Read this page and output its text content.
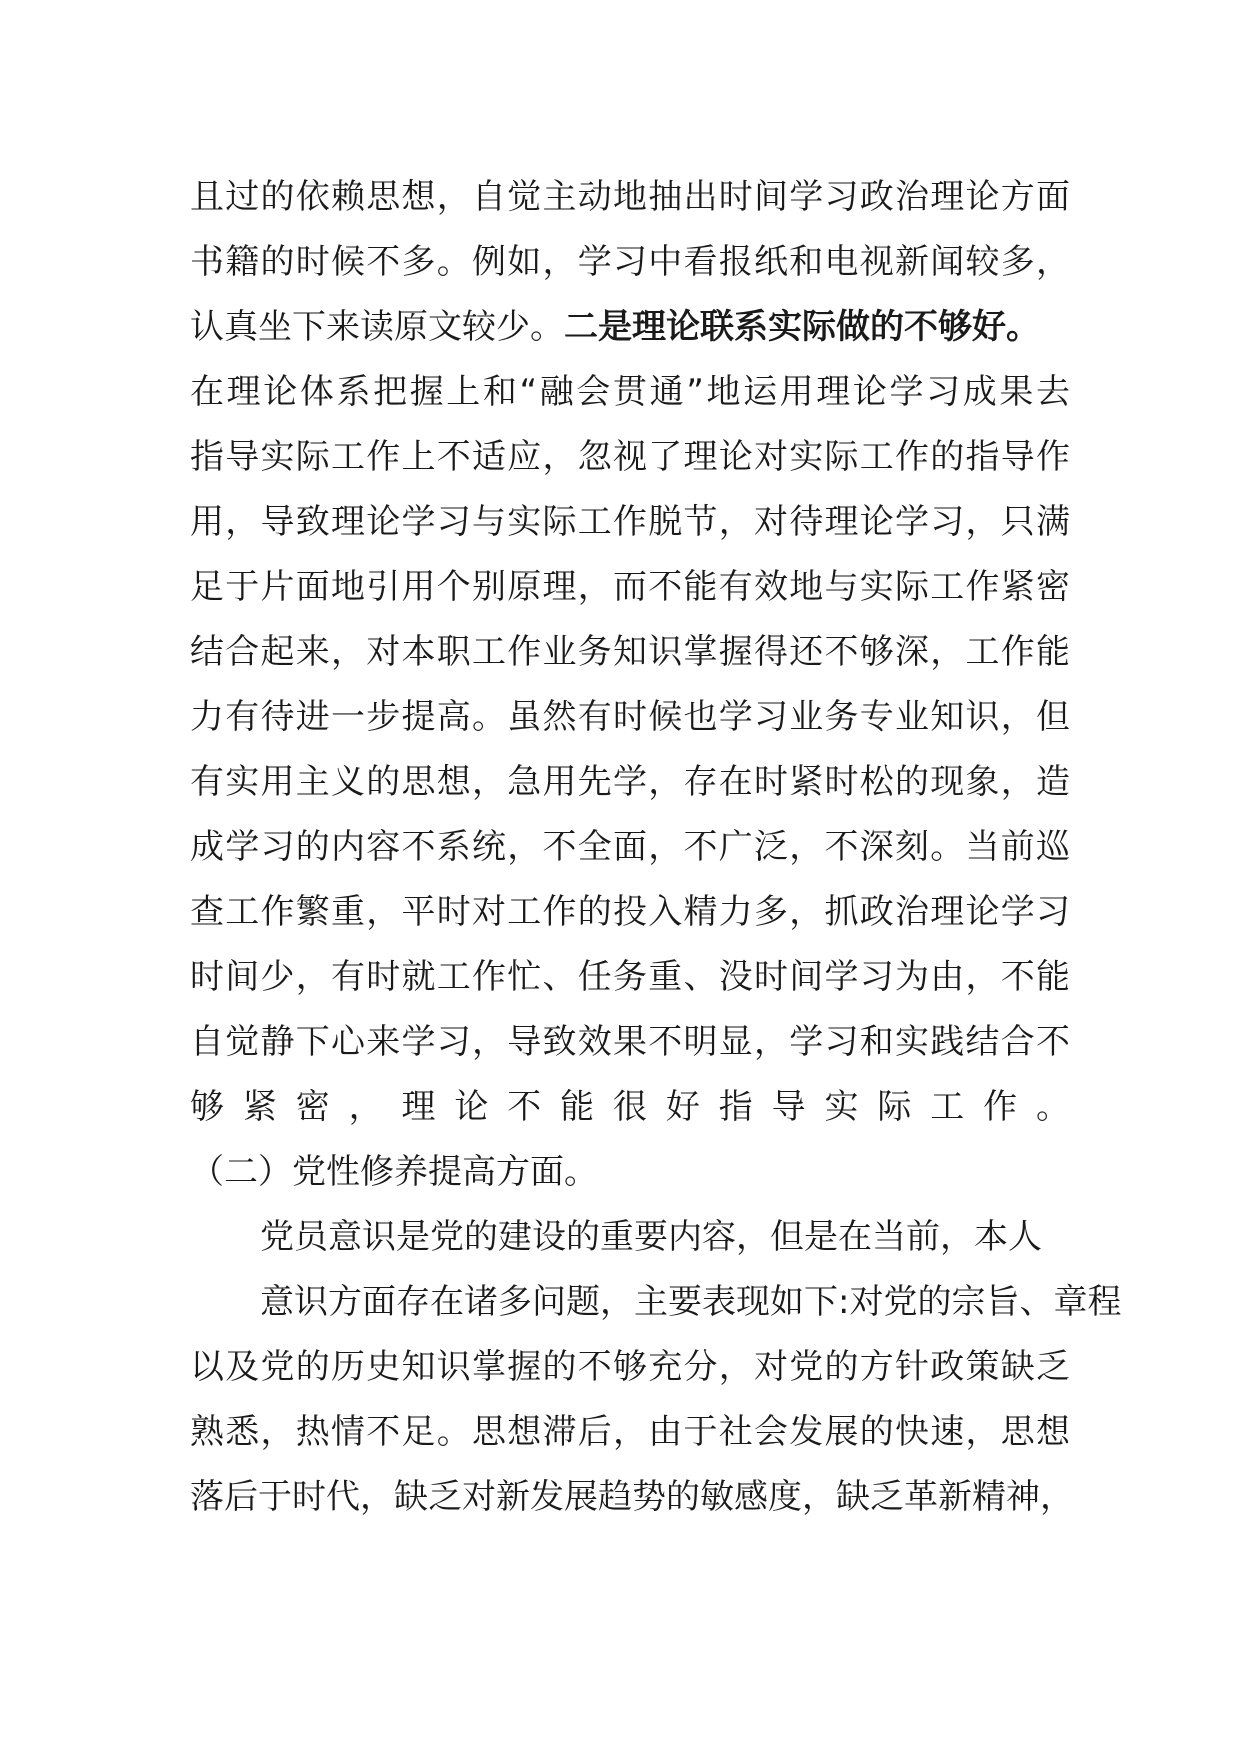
且过的依赖思想，自觉主动地抽出时间学习政治理论方面
书籍的时候不多。例如，学习中看报纸和电视新闻较多，
认真坐下来读原文较少。二是理论联系实际做的不够好。
在理论体系把握上和“融会贯通”地运用理论学习成果去
指导实际工作上不适应，忽视了理论对实际工作的指导作
用，导致理论学习与实际工作脱节，对待理论学习，只满
足于片面地引用个别原理，而不能有效地与实际工作紧密
结合起来，对本职工作业务知识掌握得还不够深，工作能
力有待进一步提高。虽然有时候也学习业务专业知识，但
有实用主义的思想，急用先学，存在时紧时松的现象，造
成学习的内容不系统，不全面，不广泛，不深刻。当前巡
查工作繁重，平时对工作的投入精力多，抓政治理论学习
时间少，有时就工作忙、任务重、没时间学习为由，不能
自觉静下心来学习，导致效果不明显，学习和实践结合不
够紧密，理论不能很好指导实际工作。
（二）党性修养提高方面。
党员意识是党的建设的重要内容，但是在当前，本人
意识方面存在诸多问题，主要表现如下:对党的宗旨、章程
以及党的历史知识掌握的不够充分，对党的方针政策缺乏
熟悉，热情不足。思想滞后，由于社会发展的快速，思想
落后于时代，缺乏对新发展趋势的敏感度，缺乏革新精神，
